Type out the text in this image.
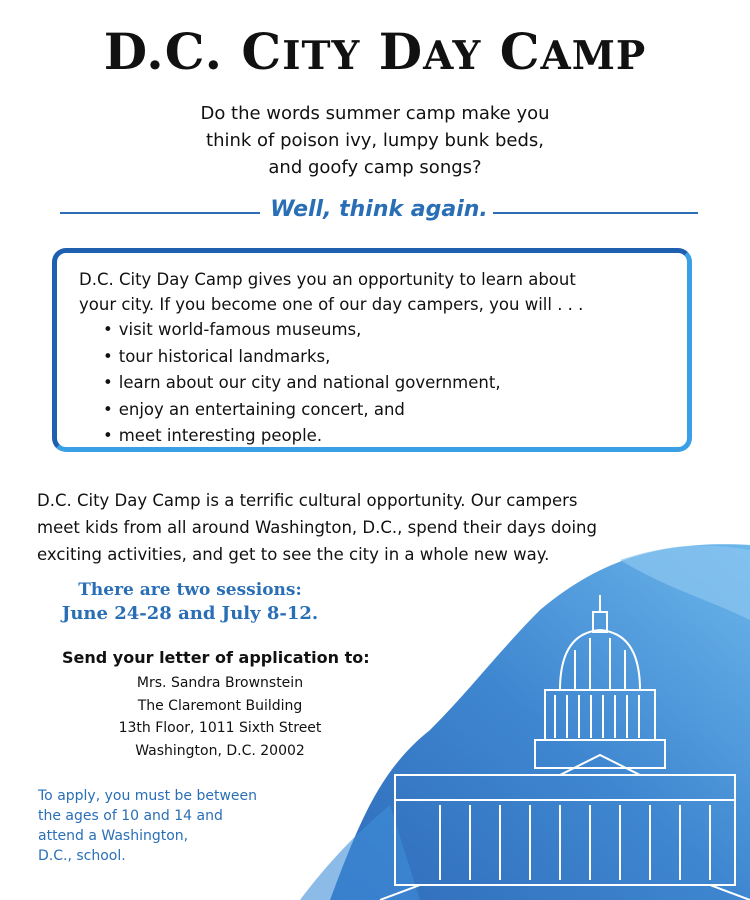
D.C. CITY DAY CAMP
Do the words summer camp make you
think of poison ivy, lumpy bunk beds,
and goofy camp songs?
Well, think again.
D.C. City Day Camp gives you an opportunity to learn about
your city. If you become one of our day campers, you will . . .
• visit world-famous museums,
• tour historical landmarks,
• learn about our city and national government,
• enjoy an entertaining concert, and
• meet interesting people.
D.C. City Day Camp is a terrific cultural opportunity. Our campers
meet kids from all around Washington, D.C., spend their days doing
exciting activities, and get to see the city in a whole new way.
There are two sessions:
June 24-28 and July 8-12.
Send your letter of application to:
Mrs. Sandra Brownstein
The Claremont Building
13th Floor, 1011 Sixth Street
Washington, D.C. 20002
To apply, you must be between
the ages of 10 and 14 and
attend a Washington,
D.C., school.
